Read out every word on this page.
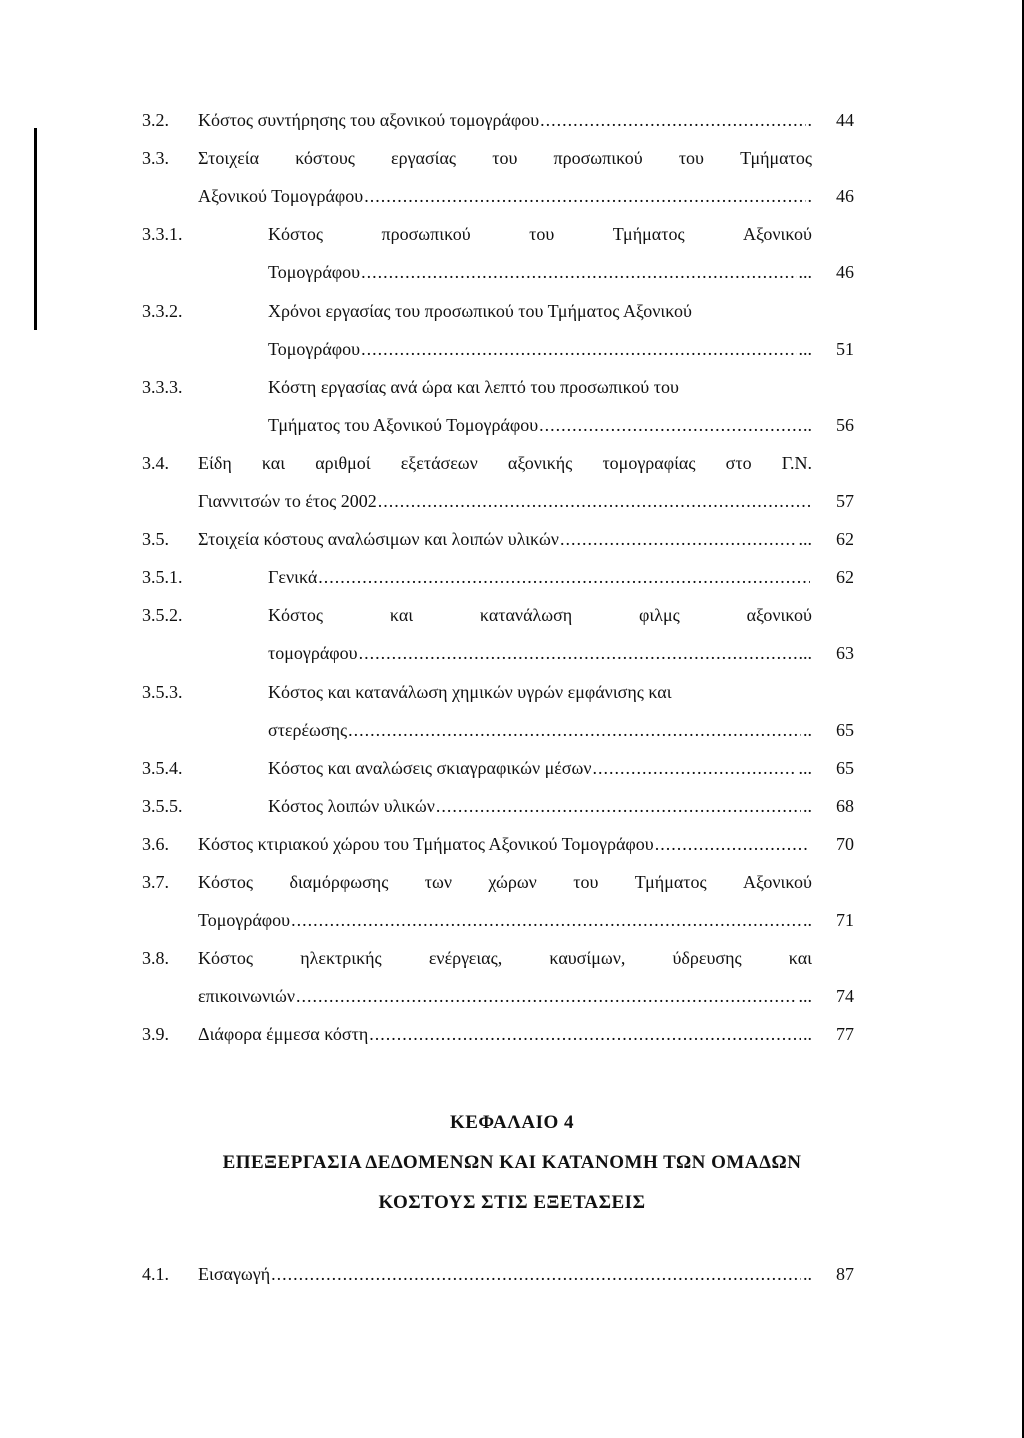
3.2. Κόστος συντήρησης του αξονικού τομογράφου .....	.	44
3.3. Στοιχεία κόστους εργασίας του προσωπικού του Τμήματος
Αξονικού Τομογράφου .....	.	46
3.3.1.	Κόστος	προσωπικού	του	Τμήματος	Αξονικού
Τομογράφου .....	...	46
3.3.2.	Χρόνοι εργασίας του προσωπικού του Τμήματος Αξονικού
Τομογράφου .....	...	51
3.3.3.	Κόστη εργασίας ανά ώρα και λεπτό του προσωπικού του
Τμήματος του Αξονικού Τομογράφου .....	..	56
3.4. Είδη και αριθμοί εξετάσεων αξονικής τομογραφίας στο Γ.Ν.
Γιαννιτσών το έτος 2002 .....	57
3.5. Στοιχεία κόστους αναλώσιμων και λοιπών υλικών .....	...	62
3.5.1.	Γενικά .....	62
3.5.2.	Κόστος	και	κατανάλωση	φιλμς	αξονικού
τομογράφου .....	...	63
3.5.3.	Κόστος και κατανάλωση χημικών υγρών εμφάνισης και
στερέωσης .....	..	65
3.5.4.	Κόστος και αναλώσεις σκιαγραφικών μέσων .....	...	65
3.5.5.	Κόστος λοιπών υλικών .....	..	68
3.6. Κόστος κτιριακού χώρου του Τμήματος Αξονικού Τομογράφου .....	70
3.7. Κόστος διαμόρφωσης των χώρων του Τμήματος Αξονικού
Τομογράφου .....	..	71
3.8. Κόστος	ηλεκτρικής	ενέργειας,	καυσίμων,	ύδρευσης	και
επικοινωνιών .....	...	74
3.9. Διάφορα έμμεσα κόστη .....	..	77
ΚΕΦΑΛΑΙΟ 4
ΕΠΕΞΕΡΓΑΣΙΑ ΔΕΔΟΜΕΝΩΝ ΚΑΙ ΚΑΤΑΝΟΜΗ ΤΩΝ ΟΜΑΔΩΝ
ΚΟΣΤΟΥΣ ΣΤΙΣ ΕΞΕΤΑΣΕΙΣ
4.1. Εισαγωγή .....	..	87
